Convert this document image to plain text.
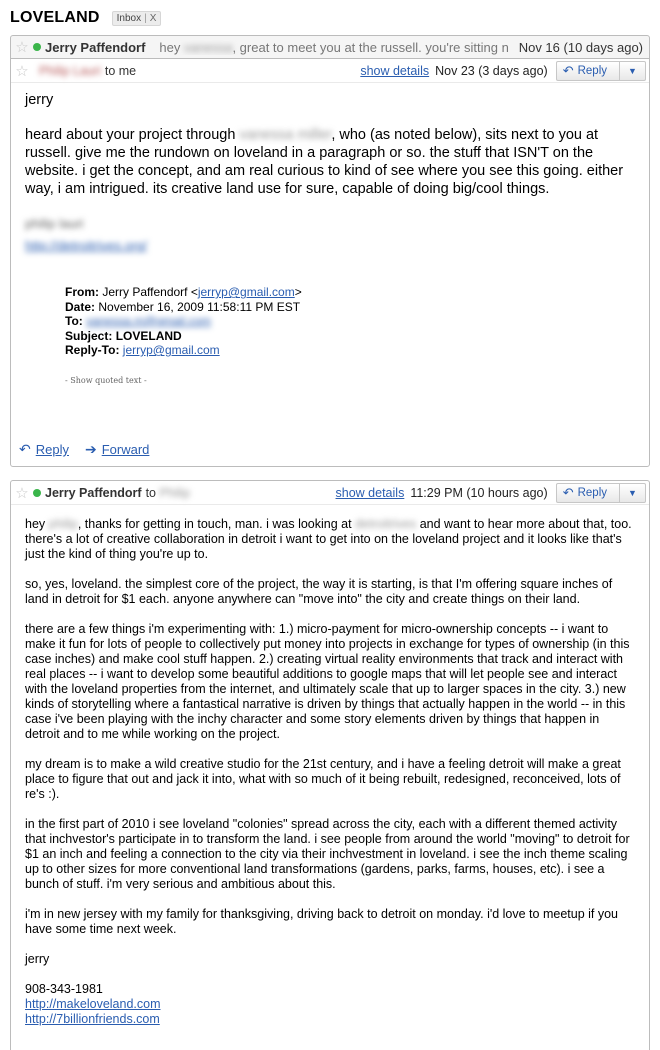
LOVELAND Inbox | X
☆	Jerry Paffendorf hey vanessa, great to meet you at the russell. you're sitting n Nov 16 (10 days ago)
☆ Philip Lauri to me	show details Nov 23 (3 days ago) ↶ Reply ▼

jerry

heard about your project through vanessa miller, who (as noted below), sits next to you at russell. give me the rundown on loveland in a paragraph or so. the stuff that ISN'T on the website. i get the concept, and am real curious to kind of see where you see this going. either way, i am intrigued. its creative land use for sure, capable of doing big/cool things.

philip lauri
http://detroitrives.org/
From: Jerry Paffendorf <jerryp@gmail.com>
Date: November 16, 2009 11:58:11 PM EST
To: vanessa.m@gmail.com
Subject: LOVELAND
Reply-To: jerryp@gmail.com
- Show quoted text -
↶ Reply ➔ Forward
☆	Jerry Paffendorf to Philip	show details 11:29 PM (10 hours ago) ↶ Reply ▼

hey philip, thanks for getting in touch, man. i was looking at detroitrives and want to hear more about that, too. there's a lot of creative collaboration in detroit i want to get into on the loveland project and it looks like that's just the kind of thing you're up to.

so, yes, loveland. the simplest core of the project, the way it is starting, is that I'm offering square inches of land in detroit for $1 each. anyone anywhere can "move into" the city and create things on their land.

there are a few things i'm experimenting with: 1.) micro-payment for micro-ownership concepts -- i want to make it fun for lots of people to collectively put money into projects in exchange for types of ownership (in this case inches) and make cool stuff happen. 2.) creating virtual reality environments that track and interact with real places -- i want to develop some beautiful additions to google maps that will let people see and interact with the loveland properties from the internet, and ultimately scale that up to larger spaces in the city. 3.) new kinds of storytelling where a fantastical narrative is driven by things that actually happen in the world -- in this case i've been playing with the inchy character and some story elements driven by things that happen in detroit and to me while working on the project.

my dream is to make a wild creative studio for the 21st century, and i have a feeling detroit will make a great place to figure that out and jack it into, what with so much of it being rebuilt, redesigned, reconceived, lots of re's :).

in the first part of 2010 i see loveland "colonies" spread across the city, each with a different themed activity that inchvestor's participate in to transform the land. i see people from around the world "moving" to detroit for $1 an inch and feeling a connection to the city via their inchvestment in loveland. i see the inch theme scaling up to other sizes for more conventional land transformations (gardens, parks, farms, houses, etc). i see a bunch of stuff. i'm very serious and ambitious about this.

i'm in new jersey with my family for thanksgiving, driving back to detroit on monday. i'd love to meetup if you have some time next week.

jerry

908-343-1981

http://makeloveland.com

http://7billionfriends.com
